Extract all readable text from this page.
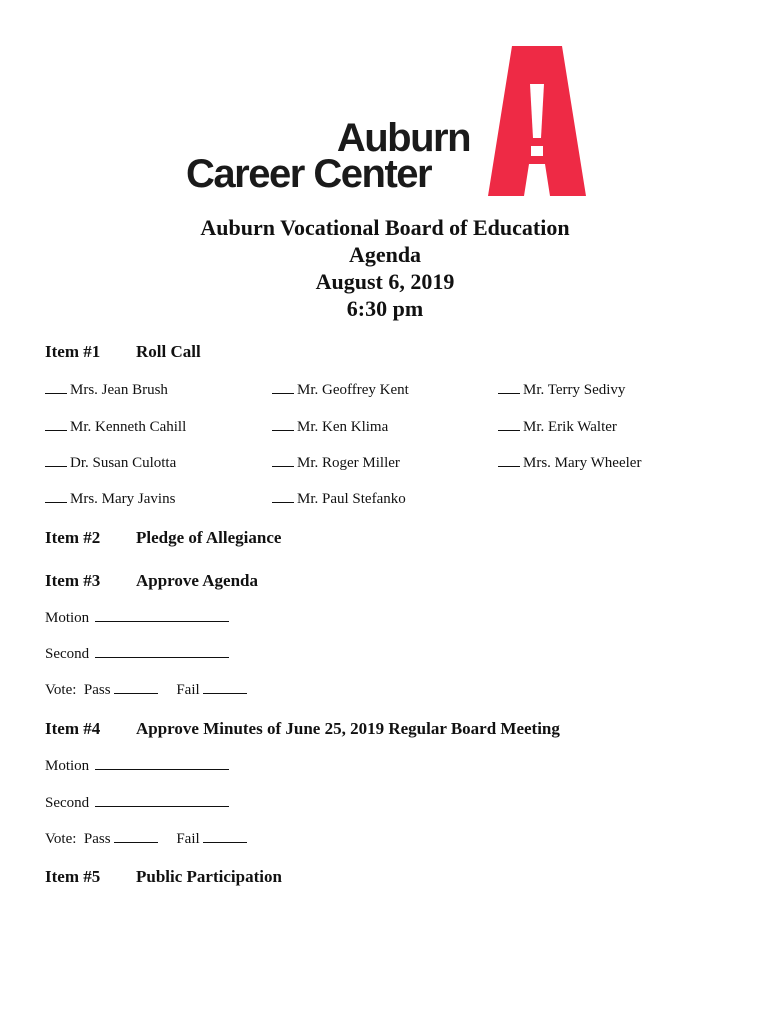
Auburn
Career Center
Auburn Vocational Board of Education
Agenda
August 6, 2019
6:30 pm
Item #1 Roll Call
Mrs. Jean Brush	Mr. Geoffrey Kent	Mr. Terry Sedivy
Mr. Kenneth Cahill	Mr. Ken Klima	Mr. Erik Walter
Dr. Susan Culotta	Mr. Roger Miller	Mrs. Mary Wheeler
Mrs. Mary Javins	Mr. Paul Stefanko
Item #2 Pledge of Allegiance
Item #3 Approve Agenda
Motion
Second
Vote: Pass	Fail
Item #4 Approve Minutes of June 25, 2019 Regular Board Meeting
Motion
Second
Vote: Pass	Fail
Item #5 Public Participation
